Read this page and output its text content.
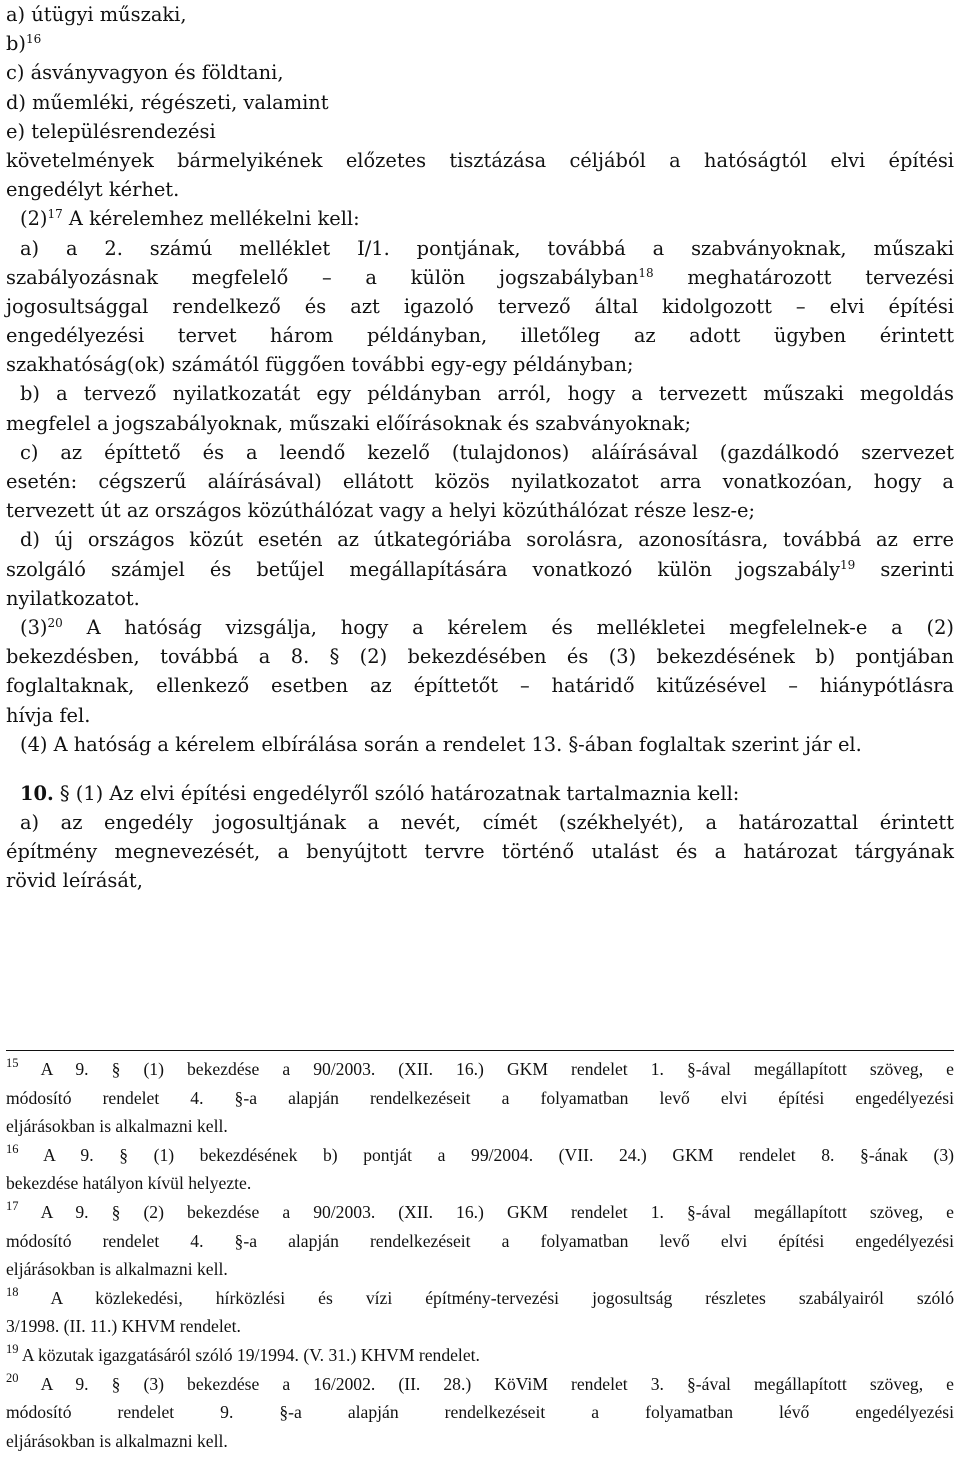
a) útügyi műszaki,
b)$^{16}$
c) ásványvagyon és földtani,
d) műemléki, régészeti, valamint
e) településrendezési
követelmények bármelyikének előzetes tisztázása céljából a hatóságtól elvi építési
engedélyt kérhet.
$(2)^{17}$ A kérelemhez mellékelni kell:
a) a 2. számú melléklet I/1. pontjának, továbbá a szabványoknak, műszaki
szabályozásnak megfelelő – a külön jogszabályban$^{18}$ meghatározott tervezési
jogosultsággal rendelkező és azt igazoló tervező által kidolgozott – elvi építési
engedélyezési tervet három példányban, illetőleg az adott ügyben érintett
szakhatóság(ok) számától függően további egy-egy példányban;
b) a tervező nyilatkozatát egy példányban arról, hogy a tervezett műszaki megoldás
megfelel a jogszabályoknak, műszaki előírásoknak és szabványoknak;
c) az építtető és a leendő kezelő (tulajdonos) aláírásával (gazdálkodó szervezet
esetén: cégszerű aláírásával) ellátott közös nyilatkozatot arra vonatkozóan, hogy a
tervezett út az országos közúthálózat vagy a helyi közúthálózat része lesz-e;
d) új országos közút esetén az útkategóriába sorolásra, azonosításra, továbbá az erre
szolgáló számjel és betűjel megállapítására vonatkozó külön jogszabály$^{19}$ szerinti
nyilatkozatot.
$(3)^{20}$ A hatóság vizsgálja, hogy a kérelem és mellékletei megfelelnek-e a (2)
bekezdésben, továbbá a 8. § (2) bekezdésében és (3) bekezdésének b) pontjában
foglaltaknak, ellenkező esetben az építtetőt – határidő kitűzésével – hiánypótlásra
hívja fel.
(4) A hatóság a kérelem elbírálása során a rendelet 13. §-ában foglaltak szerint jár el.
10. § (1) Az elvi építési engedélyről szóló határozatnak tartalmaznia kell:
a) az engedély jogosultjának a nevét, címét (székhelyét), a határozattal érintett
építmény megnevezését, a benyújtott tervre történő utalást és a határozat tárgyának
rövid leírását,
$^{15}$ A 9. § (1) bekezdése a 90/2003. (XII. 16.) GKM rendelet 1. §-ával megállapított szöveg, e
módosító rendelet 4. §-a alapján rendelkezéseit a folyamatban levő elvi építési engedélyezési
eljárásokban is alkalmazni kell.
$^{16}$ A 9. § (1) bekezdésének b) pontját a 99/2004. (VII. 24.) GKM rendelet 8. §-ának (3)
bekezdése hatályon kívül helyezte.
$^{17}$ A 9. § (2) bekezdése a 90/2003. (XII. 16.) GKM rendelet 1. §-ával megállapított szöveg, e
módosító rendelet 4. §-a alapján rendelkezéseit a folyamatban levő elvi építési engedélyezési
eljárásokban is alkalmazni kell.
$^{18}$ A közlekedési, hírközlési és vízi építmény-tervezési jogosultság részletes szabályairól szóló
3/1998. (II. 11.) KHVM rendelet.
$^{19}$ A közutak igazgatásáról szóló 19/1994. (V. 31.) KHVM rendelet.
$^{20}$ A 9. § (3) bekezdése a 16/2002. (II. 28.) KöViM rendelet 3. §-ával megállapított szöveg, e
módosító rendelet 9. §-a alapján rendelkezéseit a folyamatban lévő engedélyezési
eljárásokban is alkalmazni kell.
